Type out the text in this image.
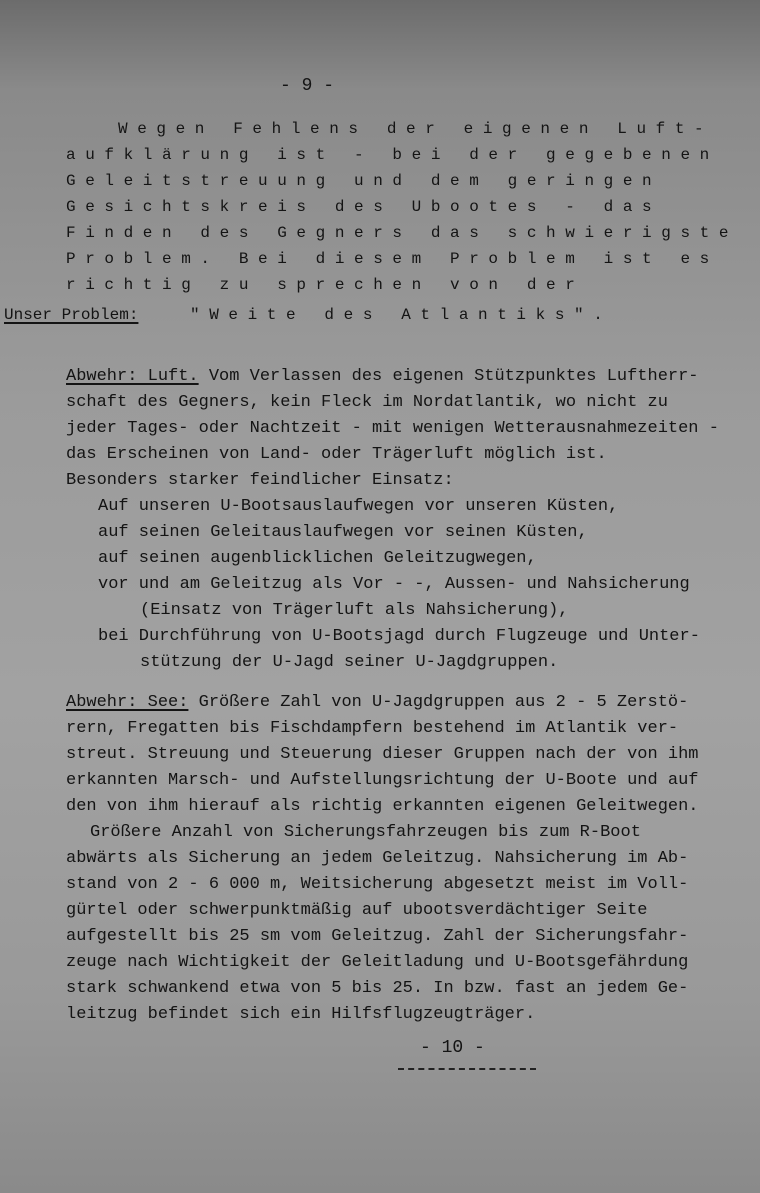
- 9 -
Wegen Fehlens der eigenen Luft-
aufklärung ist - bei der gegebenen
Geleitstreuung und dem geringen
Gesichtskreis des Ubootes - das
Finden des Gegners das schwierigste
Problem. Bei diesem Problem ist es
richtig zu sprechen von der
Unser Problem:	"Weite des Atlantiks".
Abwehr: Luft. Vom Verlassen des eigenen Stützpunktes Luftherr-
schaft des Gegners, kein Fleck im Nordatlantik, wo nicht zu
jeder Tages- oder Nachtzeit - mit wenigen Wetterausnahmezeiten -
das Erscheinen von Land- oder Trägerluft möglich ist.
Besonders starker feindlicher Einsatz:
Auf unseren U-Bootsauslaufwegen vor unseren Küsten,
auf seinen Geleitauslaufwegen vor seinen Küsten,
auf seinen augenblicklichen Geleitzugwegen,
vor und am Geleitzug als Vor - -, Aussen- und Nahsicherung
(Einsatz von Trägerluft als Nahsicherung),
bei Durchführung von U-Bootsjagd durch Flugzeuge und Unter-
stützung der U-Jagd seiner U-Jagdgruppen.
Abwehr: See: Größere Zahl von U-Jagdgruppen aus 2 - 5 Zerstö-
rern, Fregatten bis Fischdampfern bestehend im Atlantik ver-
streut. Streuung und Steuerung dieser Gruppen nach der von ihm
erkannten Marsch- und Aufstellungsrichtung der U-Boote und auf
den von ihm hierauf als richtig erkannten eigenen Geleitwegen.
Größere Anzahl von Sicherungsfahrzeugen bis zum R-Boot
abwärts als Sicherung an jedem Geleitzug. Nahsicherung im Ab-
stand von 2 - 6 000 m, Weitsicherung abgesetzt meist im Voll-
gürtel oder schwerpunktmäßig auf ubootsverdächtiger Seite
aufgestellt bis 25 sm vom Geleitzug. Zahl der Sicherungsfahr-
zeuge nach Wichtigkeit der Geleitladung und U-Bootsgefährdung
stark schwankend etwa von 5 bis 25. In bzw. fast an jedem Ge-
leitzug befindet sich ein Hilfsflugzeugträger.
- 10 -
